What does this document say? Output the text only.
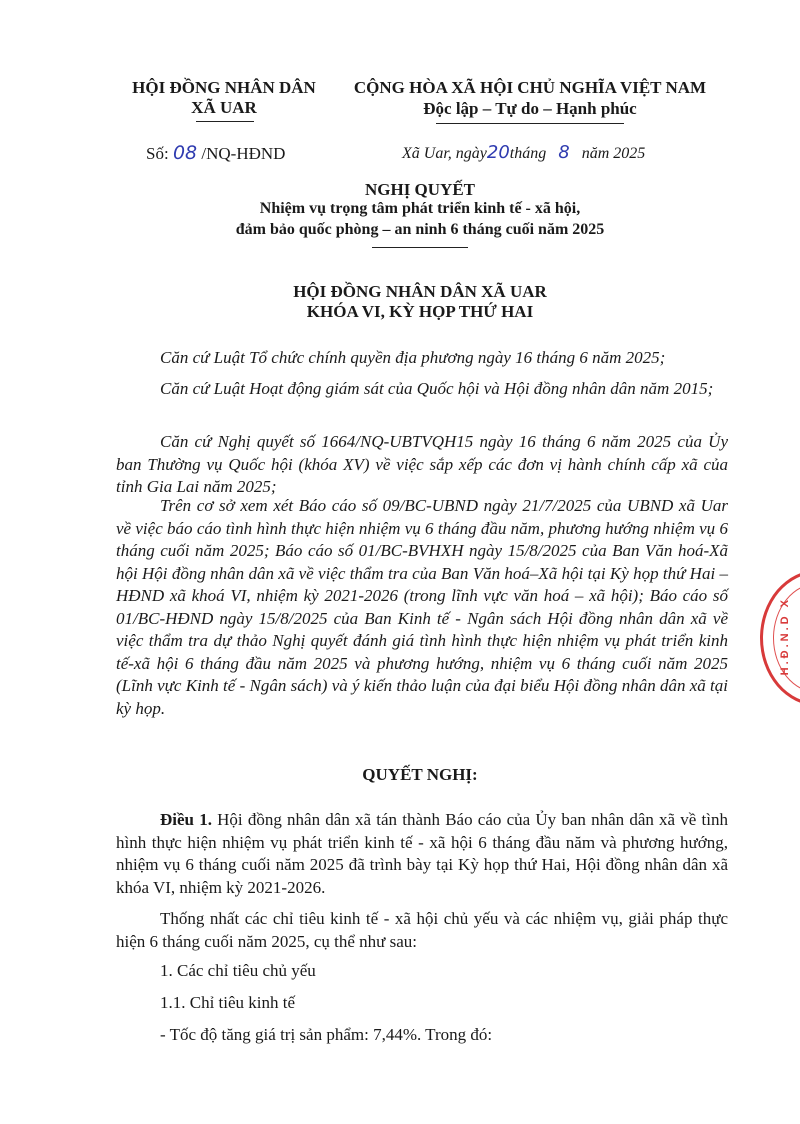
HỘI ĐỒNG NHÂN DÂN
XÃ UAR
Số: 08 /NQ-HĐND
CỘNG HÒA XÃ HỘI CHỦ NGHĨA VIỆT NAM
Độc lập – Tự do – Hạnh phúc
Xã Uar, ngày20tháng 8 năm 2025
NGHỊ QUYẾT
Nhiệm vụ trọng tâm phát triển kinh tế - xã hội,
đảm bảo quốc phòng – an ninh 6 tháng cuối năm 2025
HỘI ĐỒNG NHÂN DÂN XÃ UAR
KHÓA VI, KỲ HỌP THỨ HAI
Căn cứ Luật Tổ chức chính quyền địa phương ngày 16 tháng 6 năm 2025;
Căn cứ Luật Hoạt động giám sát của Quốc hội và Hội đồng nhân dân năm 2015;
Căn cứ Nghị quyết số 1664/NQ-UBTVQH15 ngày 16 tháng 6 năm 2025 của Ủy ban Thường vụ Quốc hội (khóa XV) về việc sắp xếp các đơn vị hành chính cấp xã của tỉnh Gia Lai năm 2025;
Trên cơ sở xem xét Báo cáo số 09/BC-UBND ngày 21/7/2025 của UBND xã Uar về việc báo cáo tình hình thực hiện nhiệm vụ 6 tháng đầu năm, phương hướng nhiệm vụ 6 tháng cuối năm 2025; Báo cáo số 01/BC-BVHXH ngày 15/8/2025 của Ban Văn hoá-Xã hội Hội đồng nhân dân xã về việc thẩm tra của Ban Văn hoá–Xã hội tại Kỳ họp thứ Hai – HĐND xã khoá VI, nhiệm kỳ 2021-2026 (trong lĩnh vực văn hoá – xã hội); Báo cáo số 01/BC-HĐND ngày 15/8/2025 của Ban Kinh tế - Ngân sách Hội đồng nhân dân xã về việc thẩm tra dự thảo Nghị quyết đánh giá tình hình thực hiện nhiệm vụ phát triển kinh tế-xã hội 6 tháng đầu năm 2025 và phương hướng, nhiệm vụ 6 tháng cuối năm 2025 (Lĩnh vực Kinh tế - Ngân sách) và ý kiến thảo luận của đại biểu Hội đồng nhân dân xã tại kỳ họp.
QUYẾT NGHỊ:
Điều 1. Hội đồng nhân dân xã tán thành Báo cáo của Ủy ban nhân dân xã về tình hình thực hiện nhiệm vụ phát triển kinh tế - xã hội 6 tháng đầu năm và phương hướng, nhiệm vụ 6 tháng cuối năm 2025 đã trình bày tại Kỳ họp thứ Hai, Hội đồng nhân dân xã khóa VI, nhiệm kỳ 2021-2026.
Thống nhất các chỉ tiêu kinh tế - xã hội chủ yếu và các nhiệm vụ, giải pháp thực hiện 6 tháng cuối năm 2025, cụ thể như sau:
1. Các chỉ tiêu chủ yếu
1.1. Chỉ tiêu kinh tế
- Tốc độ tăng giá trị sản phẩm: 7,44%. Trong đó:
H.Đ.N.D X
